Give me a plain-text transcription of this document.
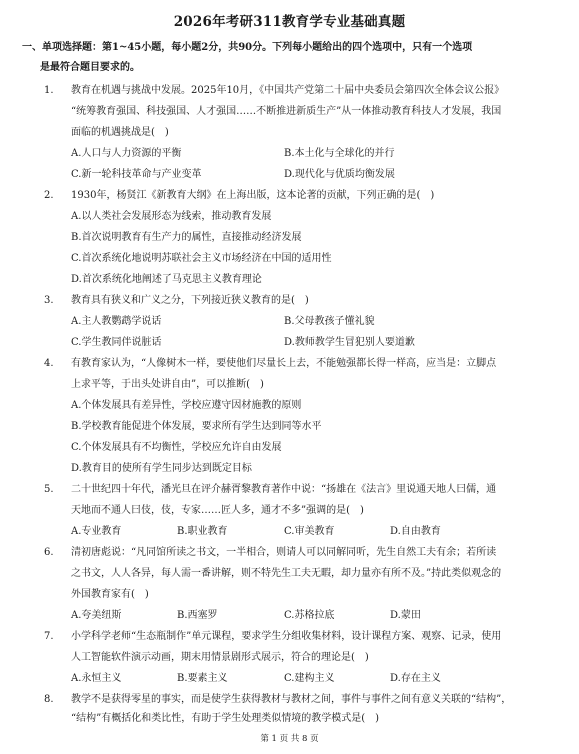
2026年考研311教育学专业基础真题
一、单项选择题：第1~45小题，每小题2分，共90分。下列每小题给出的四个选项中，只有一个选项
是最符合题目要求的。
1. 教育在机遇与挑战中发展。2025年10月，《中国共产党第二十届中央委员会第四次全体会议公报》
“统筹教育强国、科技强国、人才强国……不断推进新质生产”从一体推动教育科技人才发展，我国
面临的机遇挑战是(　)
A.人口与人力资源的平衡	B.本土化与全球化的并行
C.新一轮科技革命与产业变革	D.现代化与优质均衡发展
2. 1930年，杨贤江《新教育大纲》在上海出版，这本论著的贡献，下列正确的是(　)
A.以人类社会发展形态为线索，推动教育发展
B.首次说明教育有生产力的属性，直接推动经济发展
C.首次系统化地说明苏联社会主义市场经济在中国的适用性
D.首次系统化地阐述了马克思主义教育理论
3. 教育具有狭义和广义之分，下列接近狭义教育的是(　)
A.主人教鹦鹉学说话	B.父母教孩子懂礼貌
C.学生教同伴说脏话	D.教师教学生冒犯别人要道歉
4. 有教育家认为，“人像树木一样，要使他们尽量长上去，不能勉强都长得一样高，应当是：立脚点
上求平等，于出头处讲自由”，可以推断(　)
A.个体发展具有差异性，学校应遵守因材施教的原则
B.学校教育能促进个体发展，要求所有学生达到同等水平
C.个体发展具有不均衡性，学校应允许自由发展
D.教育目的使所有学生同步达到既定目标
5. 二十世纪四十年代，潘光旦在评介赫胥黎教育著作中说：“扬雄在《法言》里说通天地人曰儒，通
天地而不通人曰伎，伎，专家……匠人多，通才不多”强调的是(　)
A.专业教育	B.职业教育	C.审美教育	D.自由教育
6. 清初唐彪说：“凡同馆所读之书文，一半相合，则请人可以同解同听，先生自然工夫有余；若所读
之书文，人人各异，每人需一番讲解，则不特先生工夫无暇，却力量亦有所不及。”持此类似观念的
外国教育家有(　)
A.夸美纽斯	B.西塞罗	C.苏格拉底	D.蒙田
7. 小学科学老师“生态瓶制作”单元课程，要求学生分组收集材料，设计课程方案、观察、记录，使用
人工智能软件演示动画，期末用情景剧形式展示，符合的理论是(　)
A.永恒主义	B.要素主义	C.建构主义	D.存在主义
8. 教学不是获得零星的事实，而是使学生获得教材与教材之间，事件与事件之间有意义关联的“结构”，
“结构”有概括化和类比性，有助于学生处理类似情境的教学模式是(　)
第 1 页 共 8 页
